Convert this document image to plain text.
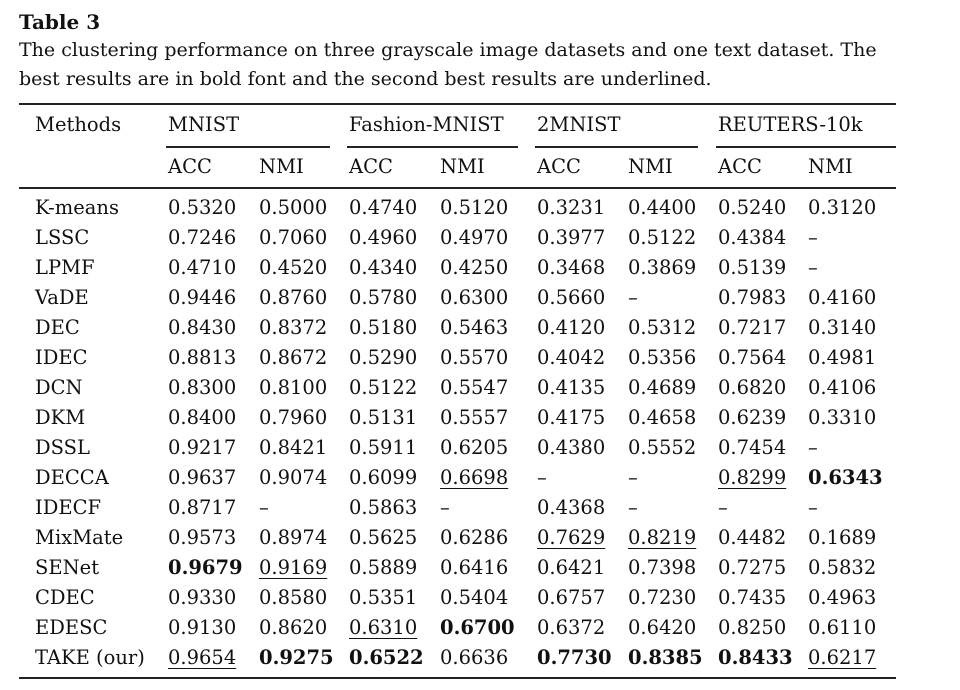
Table 3
The clustering performance on three grayscale image datasets and one text dataset. The best results are in bold font and the second best results are underlined.
Methods MNIST	Fashion-MNIST 2MNIST	REUTERS-10k
ACC NMI ACC NMI	ACC NMI ACC NMI
K-means	0.5320 0.5000 0.4740 0.5120 0.3231 0.4400 0.5240 0.3120
LSSC	0.7246 0.7060 0.4960 0.4970 0.3977 0.5122 0.4384 –
LPMF	0.4710 0.4520 0.4340 0.4250 0.3468 0.3869 0.5139 –
VaDE	0.9446 0.8760 0.5780 0.6300 0.5660 –	0.7983 0.4160
DEC	0.8430 0.8372 0.5180 0.5463 0.4120 0.5312 0.7217 0.3140
IDEC	0.8813 0.8672 0.5290 0.5570 0.4042 0.5356 0.7564 0.4981
DCN	0.8300 0.8100 0.5122 0.5547 0.4135 0.4689 0.6820 0.4106
DKM	0.8400 0.7960 0.5131 0.5557 0.4175 0.4658 0.6239 0.3310
DSSL	0.9217 0.8421 0.5911 0.6205 0.4380 0.5552 0.7454 –
DECCA	0.9637 0.9074 0.6099 0.6698 –	–	0.8299 0.6343
IDECF	0.8717 –	0.5863 –	0.4368 –	–	–
MixMate 0.9573 0.8974 0.5625 0.6286 0.7629 0.8219 0.4482 0.1689
SENet	0.9679 0.9169 0.5889 0.6416 0.6421 0.7398 0.7275 0.5832
CDEC	0.9330 0.8580 0.5351 0.5404 0.6757 0.7230 0.7435 0.4963
EDESC	0.9130 0.8620 0.6310 0.6700 0.6372 0.6420 0.8250 0.6110
TAKE (our) 0.9654 0.9275 0.6522 0.6636 0.7730 0.8385 0.8433 0.6217
